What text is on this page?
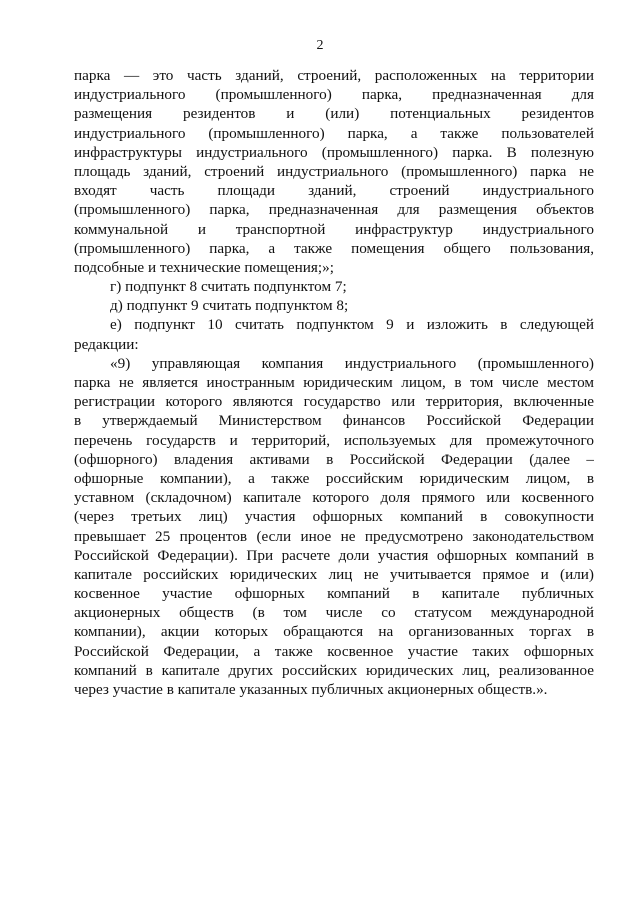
2
парка — это часть зданий, строений, расположенных на территории
индустриального (промышленного) парка, предназначенная для
размещения резидентов и (или) потенциальных резидентов
индустриального (промышленного) парка, а также пользователей
инфраструктуры индустриального (промышленного) парка. В полезную
площадь зданий, строений индустриального (промышленного) парка не
входят часть площади зданий, строений индустриального
(промышленного) парка, предназначенная для размещения объектов
коммунальной и транспортной инфраструктур индустриального
(промышленного) парка, а также помещения общего пользования,
подсобные и технические помещения;»;
г) подпункт 8 считать подпунктом 7;
д) подпункт 9 считать подпунктом 8;
е) подпункт 10 считать подпунктом 9 и изложить в следующей
редакции:
«9) управляющая компания индустриального (промышленного)
парка не является иностранным юридическим лицом, в том числе местом
регистрации которого являются государство или территория, включенные
в утверждаемый Министерством финансов Российской Федерации
перечень государств и территорий, используемых для промежуточного
(офшорного) владения активами в Российской Федерации (далее –
офшорные компании), а также российским юридическим лицом, в
уставном (складочном) капитале которого доля прямого или косвенного
(через третьих лиц) участия офшорных компаний в совокупности
превышает 25 процентов (если иное не предусмотрено законодательством
Российской Федерации). При расчете доли участия офшорных компаний в
капитале российских юридических лиц не учитывается прямое и (или)
косвенное участие офшорных компаний в капитале публичных
акционерных обществ (в том числе со статусом международной
компании), акции которых обращаются на организованных торгах в
Российской Федерации, а также косвенное участие таких офшорных
компаний в капитале других российских юридических лиц, реализованное
через участие в капитале указанных публичных акционерных обществ.».
